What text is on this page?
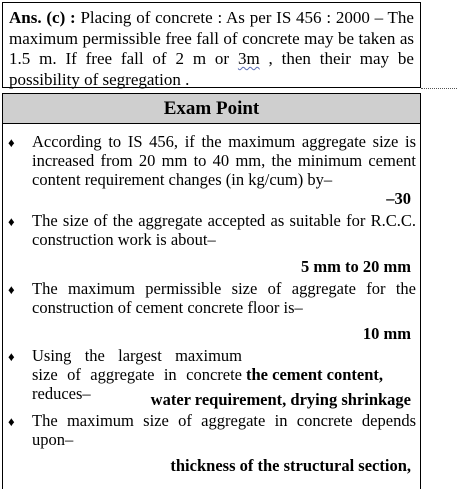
Ans. (c) : Placing of concrete : As per IS 456 : 2000 – The maximum permissible free fall of concrete may be taken as 1.5 m. If free fall of 2 m or 3m , then their may be possibility of segregation .
Exam Point
♦ According to IS 456, if the maximum aggregate size is increased from 20 mm to 40 mm, the minimum cement content requirement changes (in kg/cum) by–
–30
♦ The size of the aggregate accepted as suitable for R.C.C. construction work is about–
5 mm to 20 mm
♦ The maximum permissible size of aggregate for the construction of cement concrete floor is–
10 mm
♦ Using the largest maximum size of aggregate in concrete reduces–
the cement content,
water requirement, drying shrinkage
♦ The maximum size of aggregate in concrete depends upon–
thickness of the structural section,
